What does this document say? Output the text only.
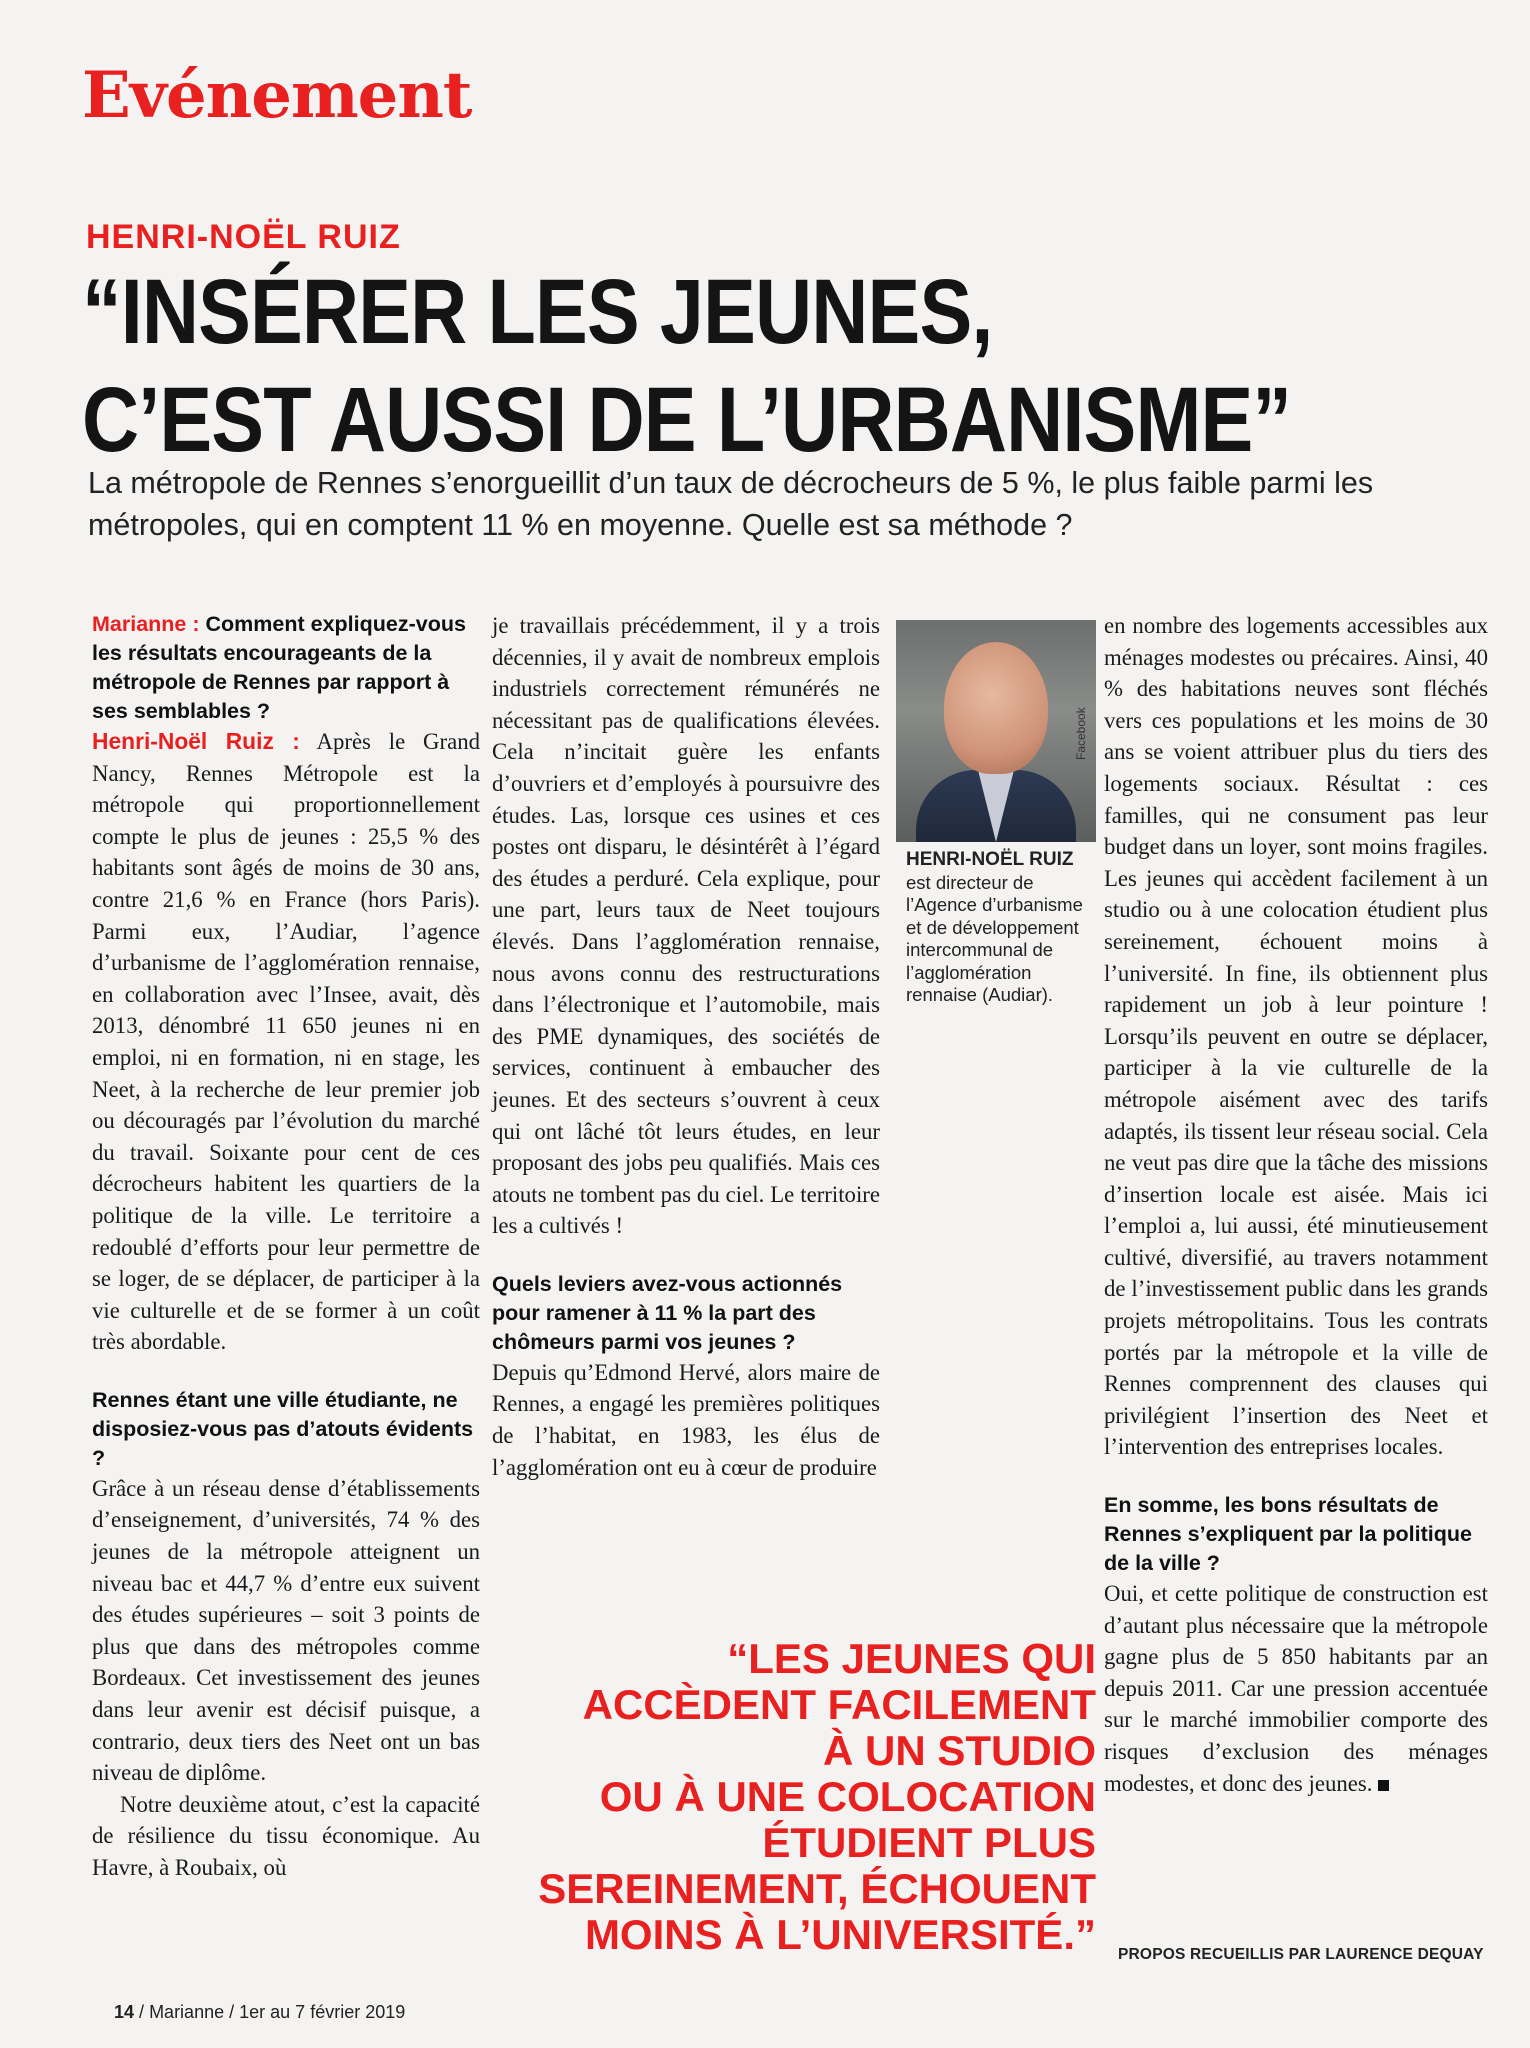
Evénement
HENRI-NOËL RUIZ
“INSÉRER LES JEUNES,
C’EST AUSSI DE L’URBANISME”
La métropole de Rennes s’enorgueillit d’un taux de décrocheurs de 5 %, le plus faible parmi les métropoles, qui en comptent 11 % en moyenne. Quelle est sa méthode ?

Marianne : Comment expliquez-vous les résultats encourageants de la métropole de Rennes par rapport à ses semblables ?

Henri-Noël Ruiz : Après le Grand Nancy, Rennes Métropole est la métropole qui proportionnellement compte le plus de jeunes : 25,5 % des habitants sont âgés de moins de 30 ans, contre 21,6 % en France (hors Paris). Parmi eux, l’Audiar, l’agence d’urbanisme de l’agglomération rennaise, en collaboration avec l’Insee, avait, dès 2013, dénombré 11 650 jeunes ni en emploi, ni en formation, ni en stage, les Neet, à la recherche de leur premier job ou découragés par l’évolution du marché du travail. Soixante pour cent de ces décrocheurs habitent les quartiers de la politique de la ville. Le territoire a redoublé d’efforts pour leur permettre de se loger, de se déplacer, de participer à la vie culturelle et de se former à un coût très abordable.

Rennes étant une ville étudiante, ne disposiez-vous pas d’atouts évidents ?

Grâce à un réseau dense d’établissements d’enseignement, d’universités, 74 % des jeunes de la métropole atteignent un niveau bac et 44,7 % d’entre eux suivent des études supérieures – soit 3 points de plus que dans des métropoles comme Bordeaux. Cet investissement des jeunes dans leur avenir est décisif puisque, a contrario, deux tiers des Neet ont un bas niveau de diplôme.

Notre deuxième atout, c’est la capacité de résilience du tissu économique. Au Havre, à Roubaix, où

je travaillais précédemment, il y a trois décennies, il y avait de nombreux emplois industriels correctement rémunérés ne nécessitant pas de qualifications élevées. Cela n’incitait guère les enfants d’ouvriers et d’employés à poursuivre des études. Las, lorsque ces usines et ces postes ont disparu, le désintérêt à l’égard des études a perduré. Cela explique, pour une part, leurs taux de Neet toujours élevés. Dans l’agglomération rennaise, nous avons connu des restructurations dans l’électronique et l’automobile, mais des PME dynamiques, des sociétés de services, continuent à embaucher des jeunes. Et des secteurs s’ouvrent à ceux qui ont lâché tôt leurs études, en leur proposant des jobs peu qualifiés. Mais ces atouts ne tombent pas du ciel. Le territoire les a cultivés !

Quels leviers avez-vous actionnés pour ramener à 11 % la part des chômeurs parmi vos jeunes ?

Depuis qu’Edmond Hervé, alors maire de Rennes, a engagé les premières politiques de l’habitat, en 1983, les élus de l’agglomération ont eu à cœur de produire

Facebook
HENRI-NOËL RUIZ est directeur de l’Agence d’urbanisme et de développement intercommunal de l’agglomération rennaise (Audiar).

en nombre des logements accessibles aux ménages modestes ou précaires. Ainsi, 40 % des habitations neuves sont fléchés vers ces populations et les moins de 30 ans se voient attribuer plus du tiers des logements sociaux. Résultat : ces familles, qui ne consument pas leur budget dans un loyer, sont moins fragiles. Les jeunes qui accèdent facilement à un studio ou à une colocation étudient plus sereinement, échouent moins à l’université. In fine, ils obtiennent plus rapidement un job à leur pointure ! Lorsqu’ils peuvent en outre se déplacer, participer à la vie culturelle de la métropole aisément avec des tarifs adaptés, ils tissent leur réseau social. Cela ne veut pas dire que la tâche des missions d’insertion locale est aisée. Mais ici l’emploi a, lui aussi, été minutieusement cultivé, diversifié, au travers notamment de l’investissement public dans les grands projets métropolitains. Tous les contrats portés par la métropole et la ville de Rennes comprennent des clauses qui privilégient l’insertion des Neet et l’intervention des entreprises locales.

En somme, les bons résultats de Rennes s’expliquent par la politique de la ville ?

Oui, et cette politique de construction est d’autant plus nécessaire que la métropole gagne plus de 5 850 habitants par an depuis 2011. Car une pression accentuée sur le marché immobilier comporte des risques d’exclusion des ménages modestes, et donc des jeunes.

“LES JEUNES QUI
ACCÈDENT FACILEMENT
À UN STUDIO
OU À UNE COLOCATION
ÉTUDIENT PLUS
SEREINEMENT, ÉCHOUENT
MOINS À L’UNIVERSITÉ.” PROPOS RECUEILLIS PAR LAURENCE DEQUAY
14 / Marianne / 1er au 7 février 2019
